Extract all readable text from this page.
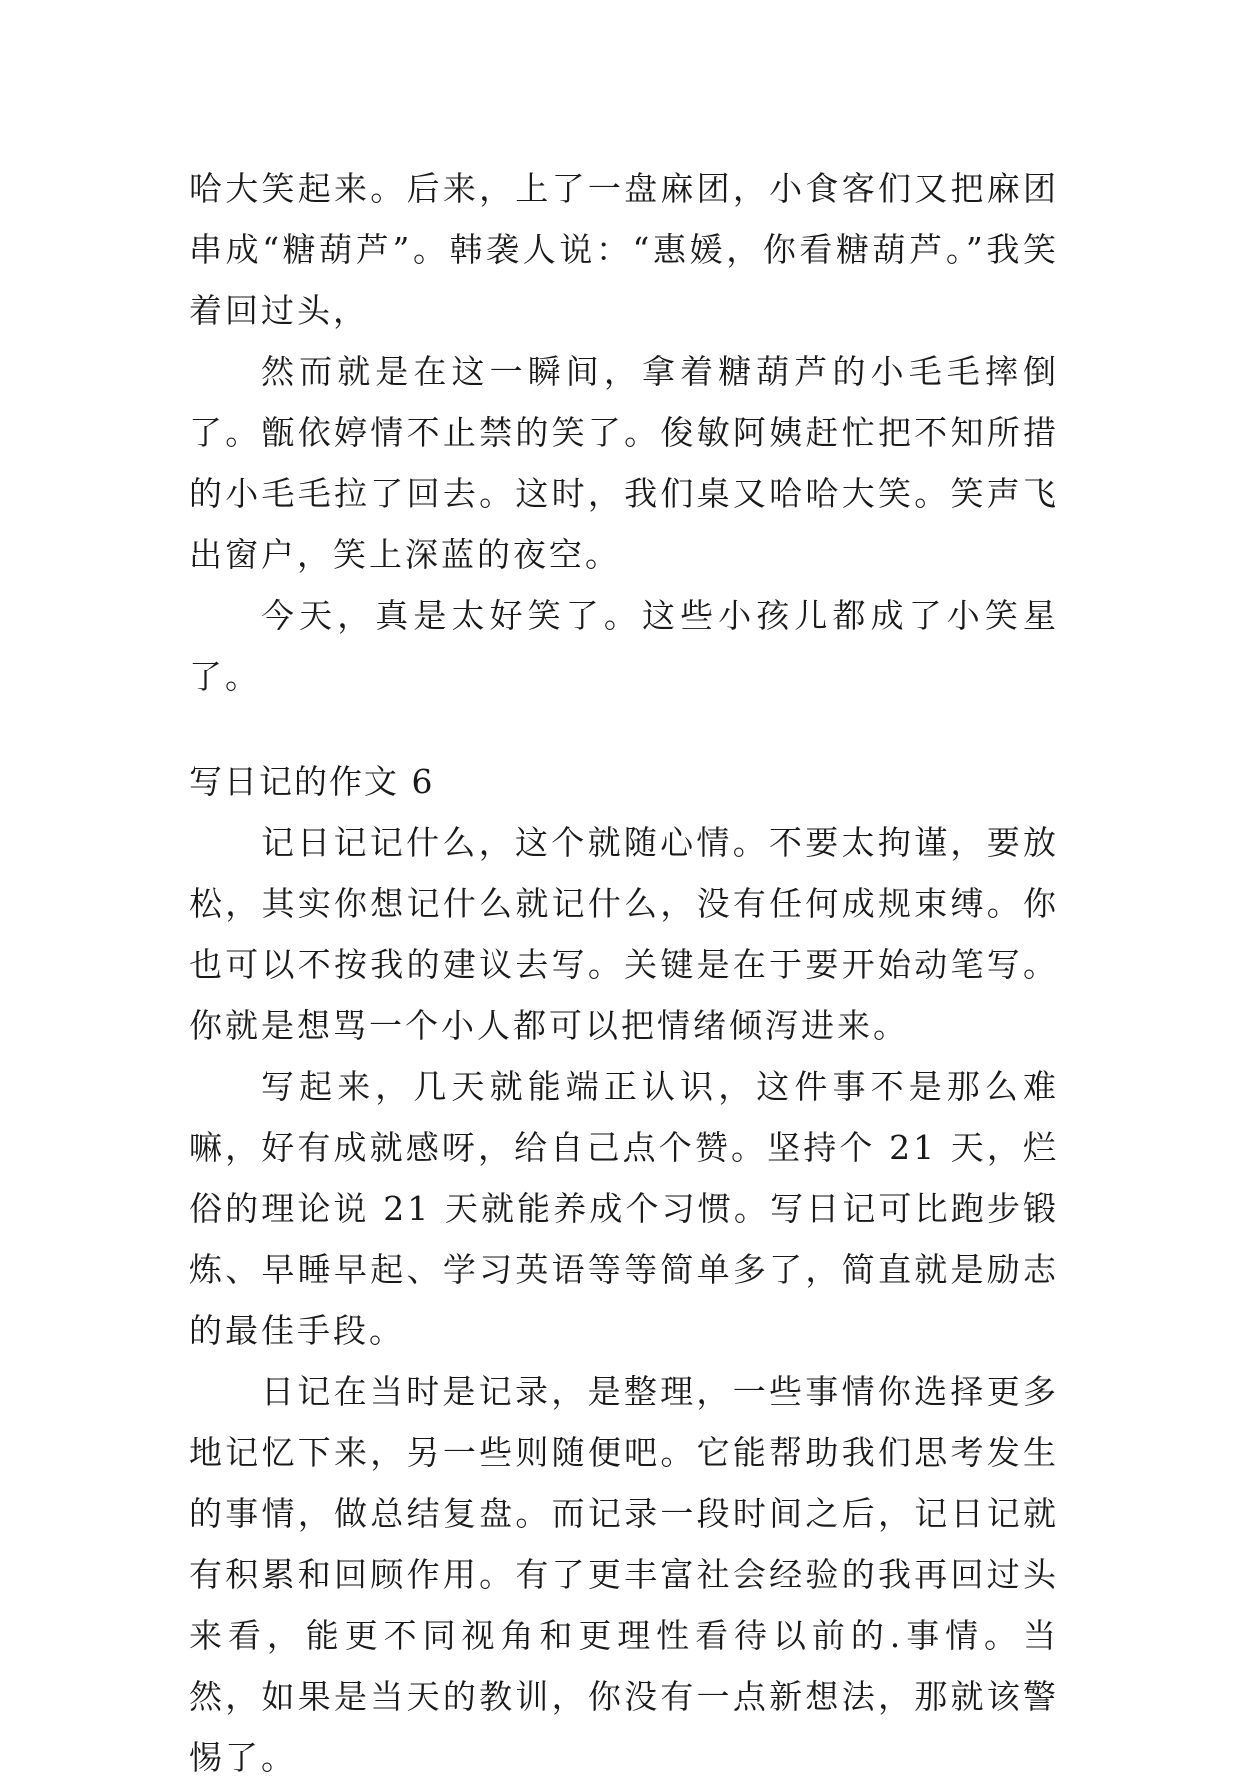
哈大笑起来。后来，上了一盘麻团，小食客们又把麻团串成“糖葫芦”。韩袭人说：“惠媛，你看糖葫芦。”我笑着回过头，

然而就是在这一瞬间，拿着糖葫芦的小毛毛摔倒了。甑依婷情不止禁的笑了。俊敏阿姨赶忙把不知所措的小毛毛拉了回去。这时，我们桌又哈哈大笑。笑声飞出窗户，笑上深蓝的夜空。

今天，真是太好笑了。这些小孩儿都成了小笑星了。

写日记的作文 6

记日记记什么，这个就随心情。不要太拘谨，要放松，其实你想记什么就记什么，没有任何成规束缚。你也可以不按我的建议去写。关键是在于要开始动笔写。你就是想骂一个小人都可以把情绪倾泻进来。

写起来，几天就能端正认识，这件事不是那么难嘛，好有成就感呀，给自己点个赞。坚持个 21 天，烂俗的理论说 21 天就能养成个习惯。写日记可比跑步锻炼、早睡早起、学习英语等等简单多了，简直就是励志的最佳手段。

日记在当时是记录，是整理，一些事情你选择更多地记忆下来，另一些则随便吧。它能帮助我们思考发生的事情，做总结复盘。而记录一段时间之后，记日记就有积累和回顾作用。有了更丰富社会经验的我再回过头来看，能更不同视角和更理性看待以前的.事情。当然，如果是当天的教训，你没有一点新想法，那就该警惕了。
